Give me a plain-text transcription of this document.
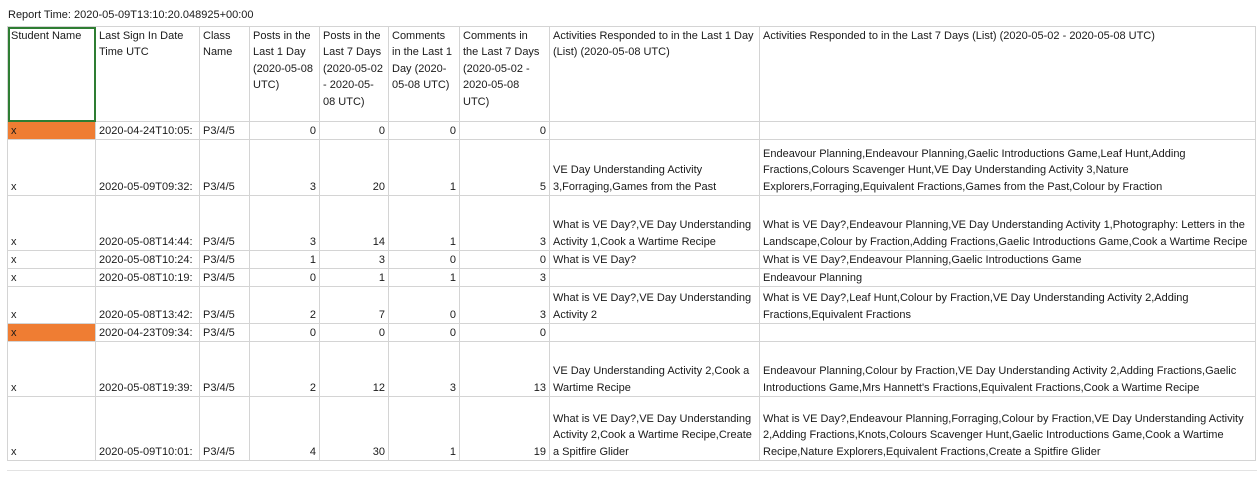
Report Time: 2020-05-09T13:10:20.048925+00:00
Student Name	Last Sign In Date Time UTC	Class Name	Posts in the Last 1 Day (2020-05-08 UTC)	Posts in the Last 7 Days (2020-05-02 - 2020-05-08 UTC)	Comments in the Last 1 Day (2020-05-08 UTC)	Comments in the Last 7 Days (2020-05-02 - 2020-05-08 UTC)	Activities Responded to in the Last 1 Day (List) (2020-05-08 UTC)	Activities Responded to in the Last 7 Days (List) (2020-05-02 - 2020-05-08 UTC)
x	2020-04-24T10:05:	P3/4/5	0	0	0	0		
x	2020-05-09T09:32:	P3/4/5	3	20	1	5	VE Day Understanding Activity 3,Forraging,Games from the Past	Endeavour Planning,Endeavour Planning,Gaelic Introductions Game,Leaf Hunt,Adding Fractions,Colours Scavenger Hunt,VE Day Understanding Activity 3,Nature Explorers,Forraging,Equivalent Fractions,Games from the Past,Colour by Fraction
x	2020-05-08T14:44:	P3/4/5	3	14	1	3	What is VE Day?,VE Day Understanding Activity 1,Cook a Wartime Recipe	What is VE Day?,Endeavour Planning,VE Day Understanding Activity 1,Photography: Letters in the Landscape,Colour by Fraction,Adding Fractions,Gaelic Introductions Game,Cook a Wartime Recipe
x	2020-05-08T10:24:	P3/4/5	1	3	0	0	What is VE Day?	What is VE Day?,Endeavour Planning,Gaelic Introductions Game
x	2020-05-08T10:19:	P3/4/5	0	1	1	3		Endeavour Planning
x	2020-05-08T13:42:	P3/4/5	2	7	0	3	What is VE Day?,VE Day Understanding Activity 2	What is VE Day?,Leaf Hunt,Colour by Fraction,VE Day Understanding Activity 2,Adding Fractions,Equivalent Fractions
x	2020-04-23T09:34:	P3/4/5	0	0	0	0		
x	2020-05-08T19:39:	P3/4/5	2	12	3	13	VE Day Understanding Activity 2,Cook a Wartime Recipe	Endeavour Planning,Colour by Fraction,VE Day Understanding Activity 2,Adding Fractions,Gaelic Introductions Game,Mrs Hannett's Fractions,Equivalent Fractions,Cook a Wartime Recipe
x	2020-05-09T10:01:	P3/4/5	4	30	1	19	What is VE Day?,VE Day Understanding Activity 2,Cook a Wartime Recipe,Create a Spitfire Glider	What is VE Day?,Endeavour Planning,Forraging,Colour by Fraction,VE Day Understanding Activity 2,Adding Fractions,Knots,Colours Scavenger Hunt,Gaelic Introductions Game,Cook a Wartime Recipe,Nature Explorers,Equivalent Fractions,Create a Spitfire Glider
